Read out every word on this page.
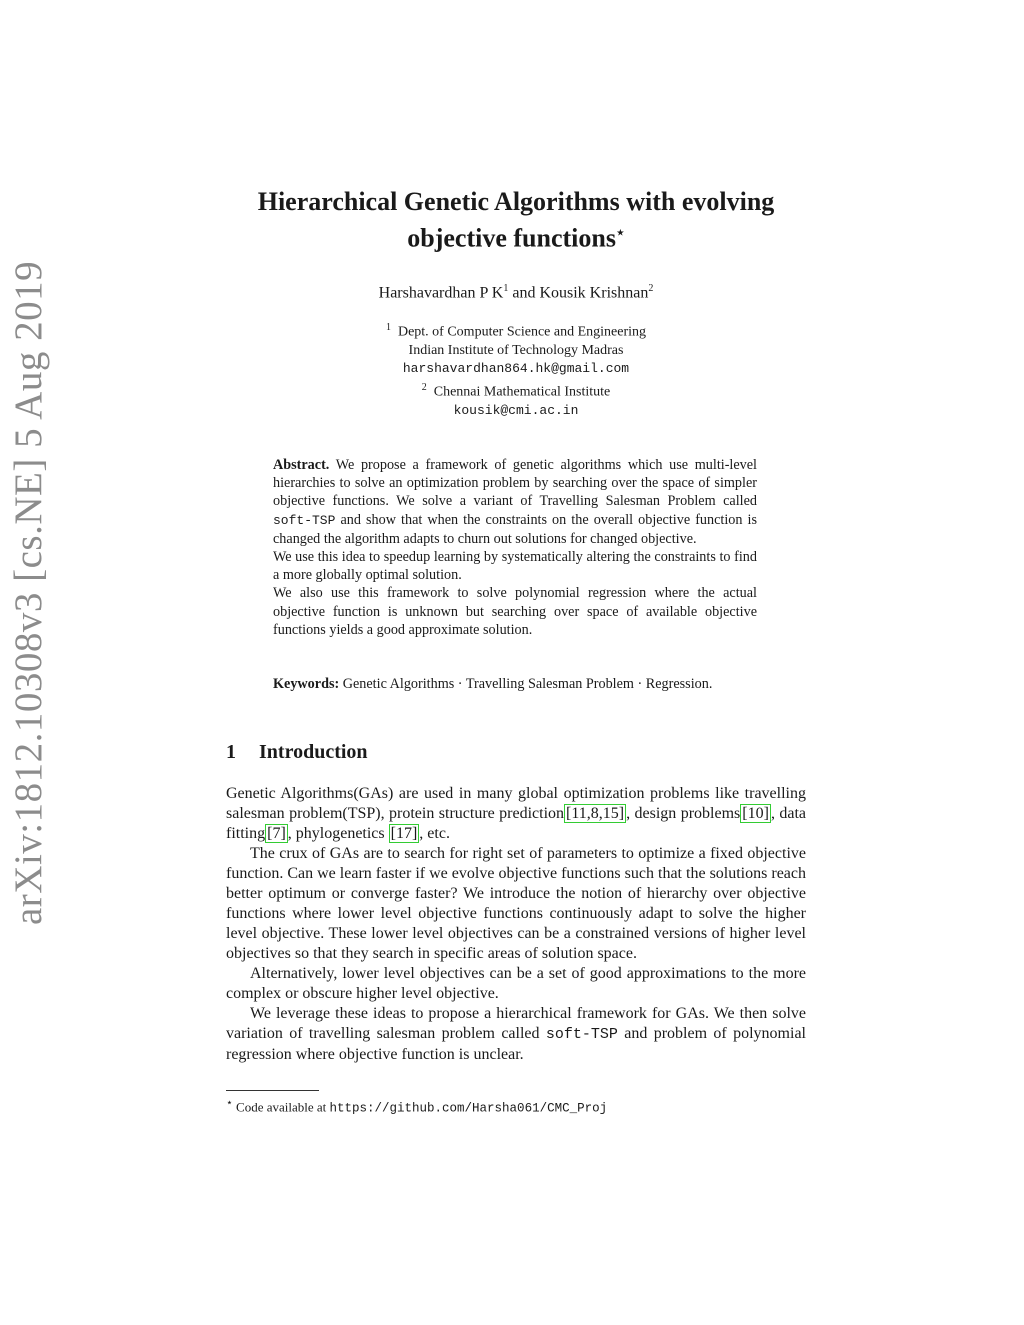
arXiv:1812.10308v3 [cs.NE] 5 Aug 2019
Hierarchical Genetic Algorithms with evolving
objective functions⋆
Harshavardhan P $K^1$ and Kousik Krishnan$^2$
$^1$ Dept. of Computer Science and Engineering
Indian Institute of Technology Madras
harshavardhan864.hk@gmail.com
$^2$ Chennai Mathematical Institute
kousik@cmi.ac.in

Abstract. We propose a framework of genetic algorithms which use multi-level hierarchies to solve an optimization problem by searching over the space of simpler objective functions. We solve a variant of Travelling Salesman Problem called soft-TSP and show that when the constraints on the overall objective function is changed the algorithm adapts to churn out solutions for changed objective.

We use this idea to speedup learning by systematically altering the constraints to find a more globally optimal solution.

We also use this framework to solve polynomial regression where the actual objective function is unknown but searching over space of available objective functions yields a good approximate solution.

Keywords: Genetic Algorithms · Travelling Salesman Problem · Regression.
1 Introduction

Genetic Algorithms(GAs) are used in many global optimization problems like travelling salesman problem(TSP), protein structure prediction [11,8,15] , design problems [10] , data fitting [7] , phylogenetics [17] , etc.

The crux of GAs are to search for right set of parameters to optimize a fixed objective function. Can we learn faster if we evolve objective functions such that the solutions reach better optimum or converge faster? We introduce the notion of hierarchy over objective functions where lower level objective functions continuously adapt to solve the higher level objective. These lower level objectives can be a constrained versions of higher level objectives so that they search in specific areas of solution space.

Alternatively, lower level objectives can be a set of good approximations to the more complex or obscure higher level objective.

We leverage these ideas to propose a hierarchical framework for GAs. We then solve variation of travelling salesman problem called soft-TSP and problem of polynomial regression where objective function is unclear.

⋆ Code available at https://github.com/Harsha061/CMC_Proj
